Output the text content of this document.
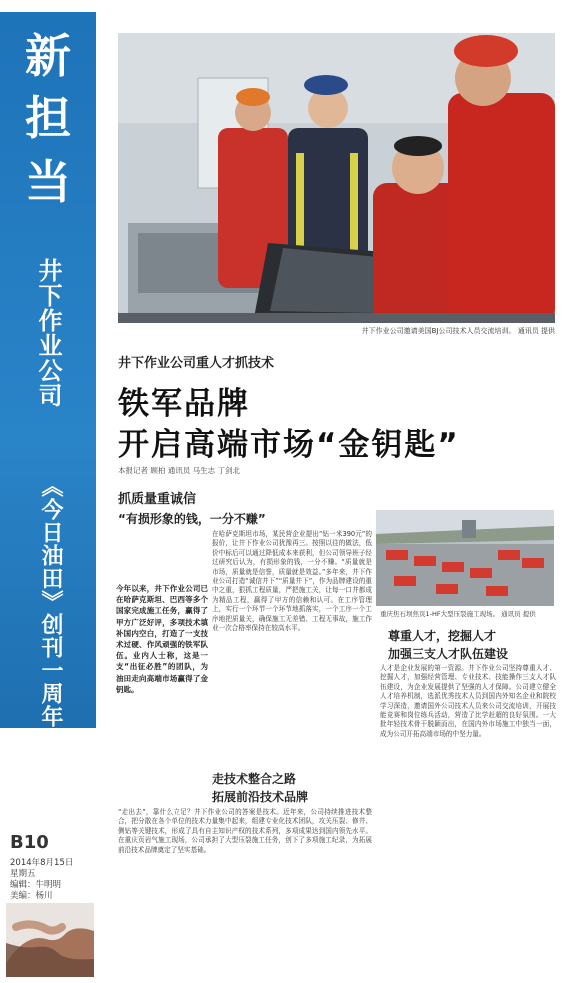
新
担
当
井下作业公司
《今日油田》创刊一周年
B10
2014年8月15日
星期五
编辑：牛明明
美编：杨川
井下作业公司邀请美国BJ公司技术人员交流培训。 通讯员 提供
井下作业公司重人才抓技术
铁军品牌
开启高端市场“金钥匙”
本报记者 顾柏 通讯员 马生志 丁剑北
抓质量重诚信
“有损形象的钱，一分不赚”
今年以来，井下作业公司已在哈萨克斯坦、巴西等多个国家完成施工任务，赢得了甲方广泛好评，多项技术填补国内空白，打造了一支技术过硬、作风顽强的铁军队伍。业内人士称，这是一支“出征必胜”的团队，为油田走向高端市场赢得了金钥匙。
在哈萨克斯坦市场，某民营企业提出“钻一米390元”的报价，让井下作业公司犹豫再三。按照以往的做法，低价中标后可以通过降低成本来获利，但公司领导班子经过研究后认为，有损形象的钱，一分不赚。“质量就是市场，质量就是信誉，质量就是效益。”多年来，井下作业公司打造“诚信井下”“质量井下”，作为品牌建设的重中之重，狠抓工程质量，严把施工关，让每一口井都成为精品工程，赢得了甲方的信赖和认可。在工序管理上，实行一个环节一个环节地抓落实，一个工序一个工序地把质量关，确保施工无差错、工程无事故，施工作业一次合格率保持在较高水平。
重庆焦石坝焦页1-HF大型压裂施工现场。 通讯员 提供
走技术整合之路
拓展前沿技术品牌
“走出去”，靠什么立足？井下作业公司的答案是技术。近年来，公司持续推进技术整合，把分散在各个单位的技术力量集中起来，组建专业化技术团队，攻关压裂、修井、侧钻等关键技术，形成了具有自主知识产权的技术系列，多项成果达到国内领先水平。在重庆页岩气施工现场，公司承担了大型压裂施工任务，创下了多项施工纪录，为拓展前沿技术品牌奠定了坚实基础。
尊重人才，挖掘人才
加强三支人才队伍建设
人才是企业发展的第一资源。井下作业公司坚持尊重人才、挖掘人才，加强经营管理、专业技术、技能操作三支人才队伍建设，为企业发展提供了坚强的人才保障。公司建立健全人才培养机制，选派优秀技术人员到国内外知名企业和院校学习深造，邀请国外公司技术人员来公司交流培训，开展技能竞赛和岗位练兵活动，营造了比学赶超的良好氛围。一大批年轻技术骨干脱颖而出，在国内外市场施工中独当一面，成为公司开拓高端市场的中坚力量。
